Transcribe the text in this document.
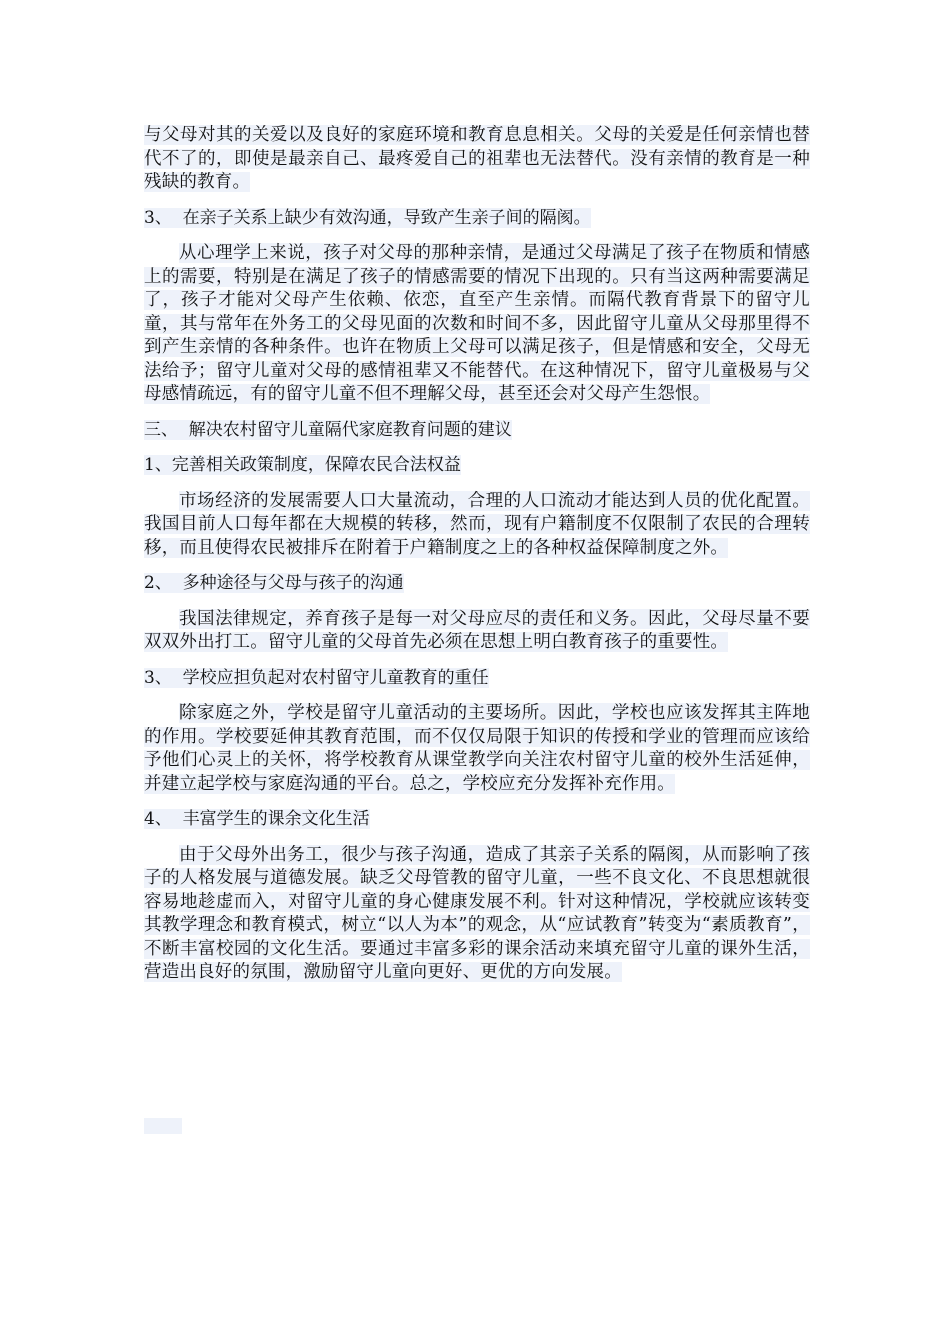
与父母对其的关爱以及良好的家庭环境和教育息息相关。父母的关爱是任何亲情也替代不了的，即使是最亲自己、最疼爱自己的祖辈也无法替代。没有亲情的教育是一种残缺的教育。

3、  在亲子关系上缺少有效沟通，导致产生亲子间的隔阂。

从心理学上来说，孩子对父母的那种亲情，是通过父母满足了孩子在物质和情感上的需要，特别是在满足了孩子的情感需要的情况下出现的。只有当这两种需要满足了，孩子才能对父母产生依赖、依恋，直至产生亲情。而隔代教育背景下的留守儿童，其与常年在外务工的父母见面的次数和时间不多，因此留守儿童从父母那里得不到产生亲情的各种条件。也许在物质上父母可以满足孩子，但是情感和安全，父母无法给予；留守儿童对父母的感情祖辈又不能替代。在这种情况下，留守儿童极易与父母感情疏远，有的留守儿童不但不理解父母，甚至还会对父母产生怨恨。

三、  解决农村留守儿童隔代家庭教育问题的建议

1、完善相关政策制度，保障农民合法权益

市场经济的发展需要人口大量流动，合理的人口流动才能达到人员的优化配置。我国目前人口每年都在大规模的转移，然而，现有户籍制度不仅限制了农民的合理转移，而且使得农民被排斥在附着于户籍制度之上的各种权益保障制度之外。

2、  多种途径与父母与孩子的沟通

我国法律规定，养育孩子是每一对父母应尽的责任和义务。因此，父母尽量不要双双外出打工。留守儿童的父母首先必须在思想上明白教育孩子的重要性。

3、  学校应担负起对农村留守儿童教育的重任

除家庭之外，学校是留守儿童活动的主要场所。因此，学校也应该发挥其主阵地的作用。学校要延伸其教育范围，而不仅仅局限于知识的传授和学业的管理而应该给予他们心灵上的关怀，将学校教育从课堂教学向关注农村留守儿童的校外生活延伸，并建立起学校与家庭沟通的平台。总之，学校应充分发挥补充作用。

4、  丰富学生的课余文化生活

由于父母外出务工，很少与孩子沟通，造成了其亲子关系的隔阂，从而影响了孩子的人格发展与道德发展。缺乏父母管教的留守儿童，一些不良文化、不良思想就很容易地趁虚而入，对留守儿童的身心健康发展不利。针对这种情况，学校就应该转变其教学理念和教育模式，树立“以人为本”的观念，从“应试教育”转变为“素质教育”，不断丰富校园的文化生活。要通过丰富多彩的课余活动来填充留守儿童的课外生活，营造出良好的氛围，激励留守儿童向更好、更优的方向发展。
